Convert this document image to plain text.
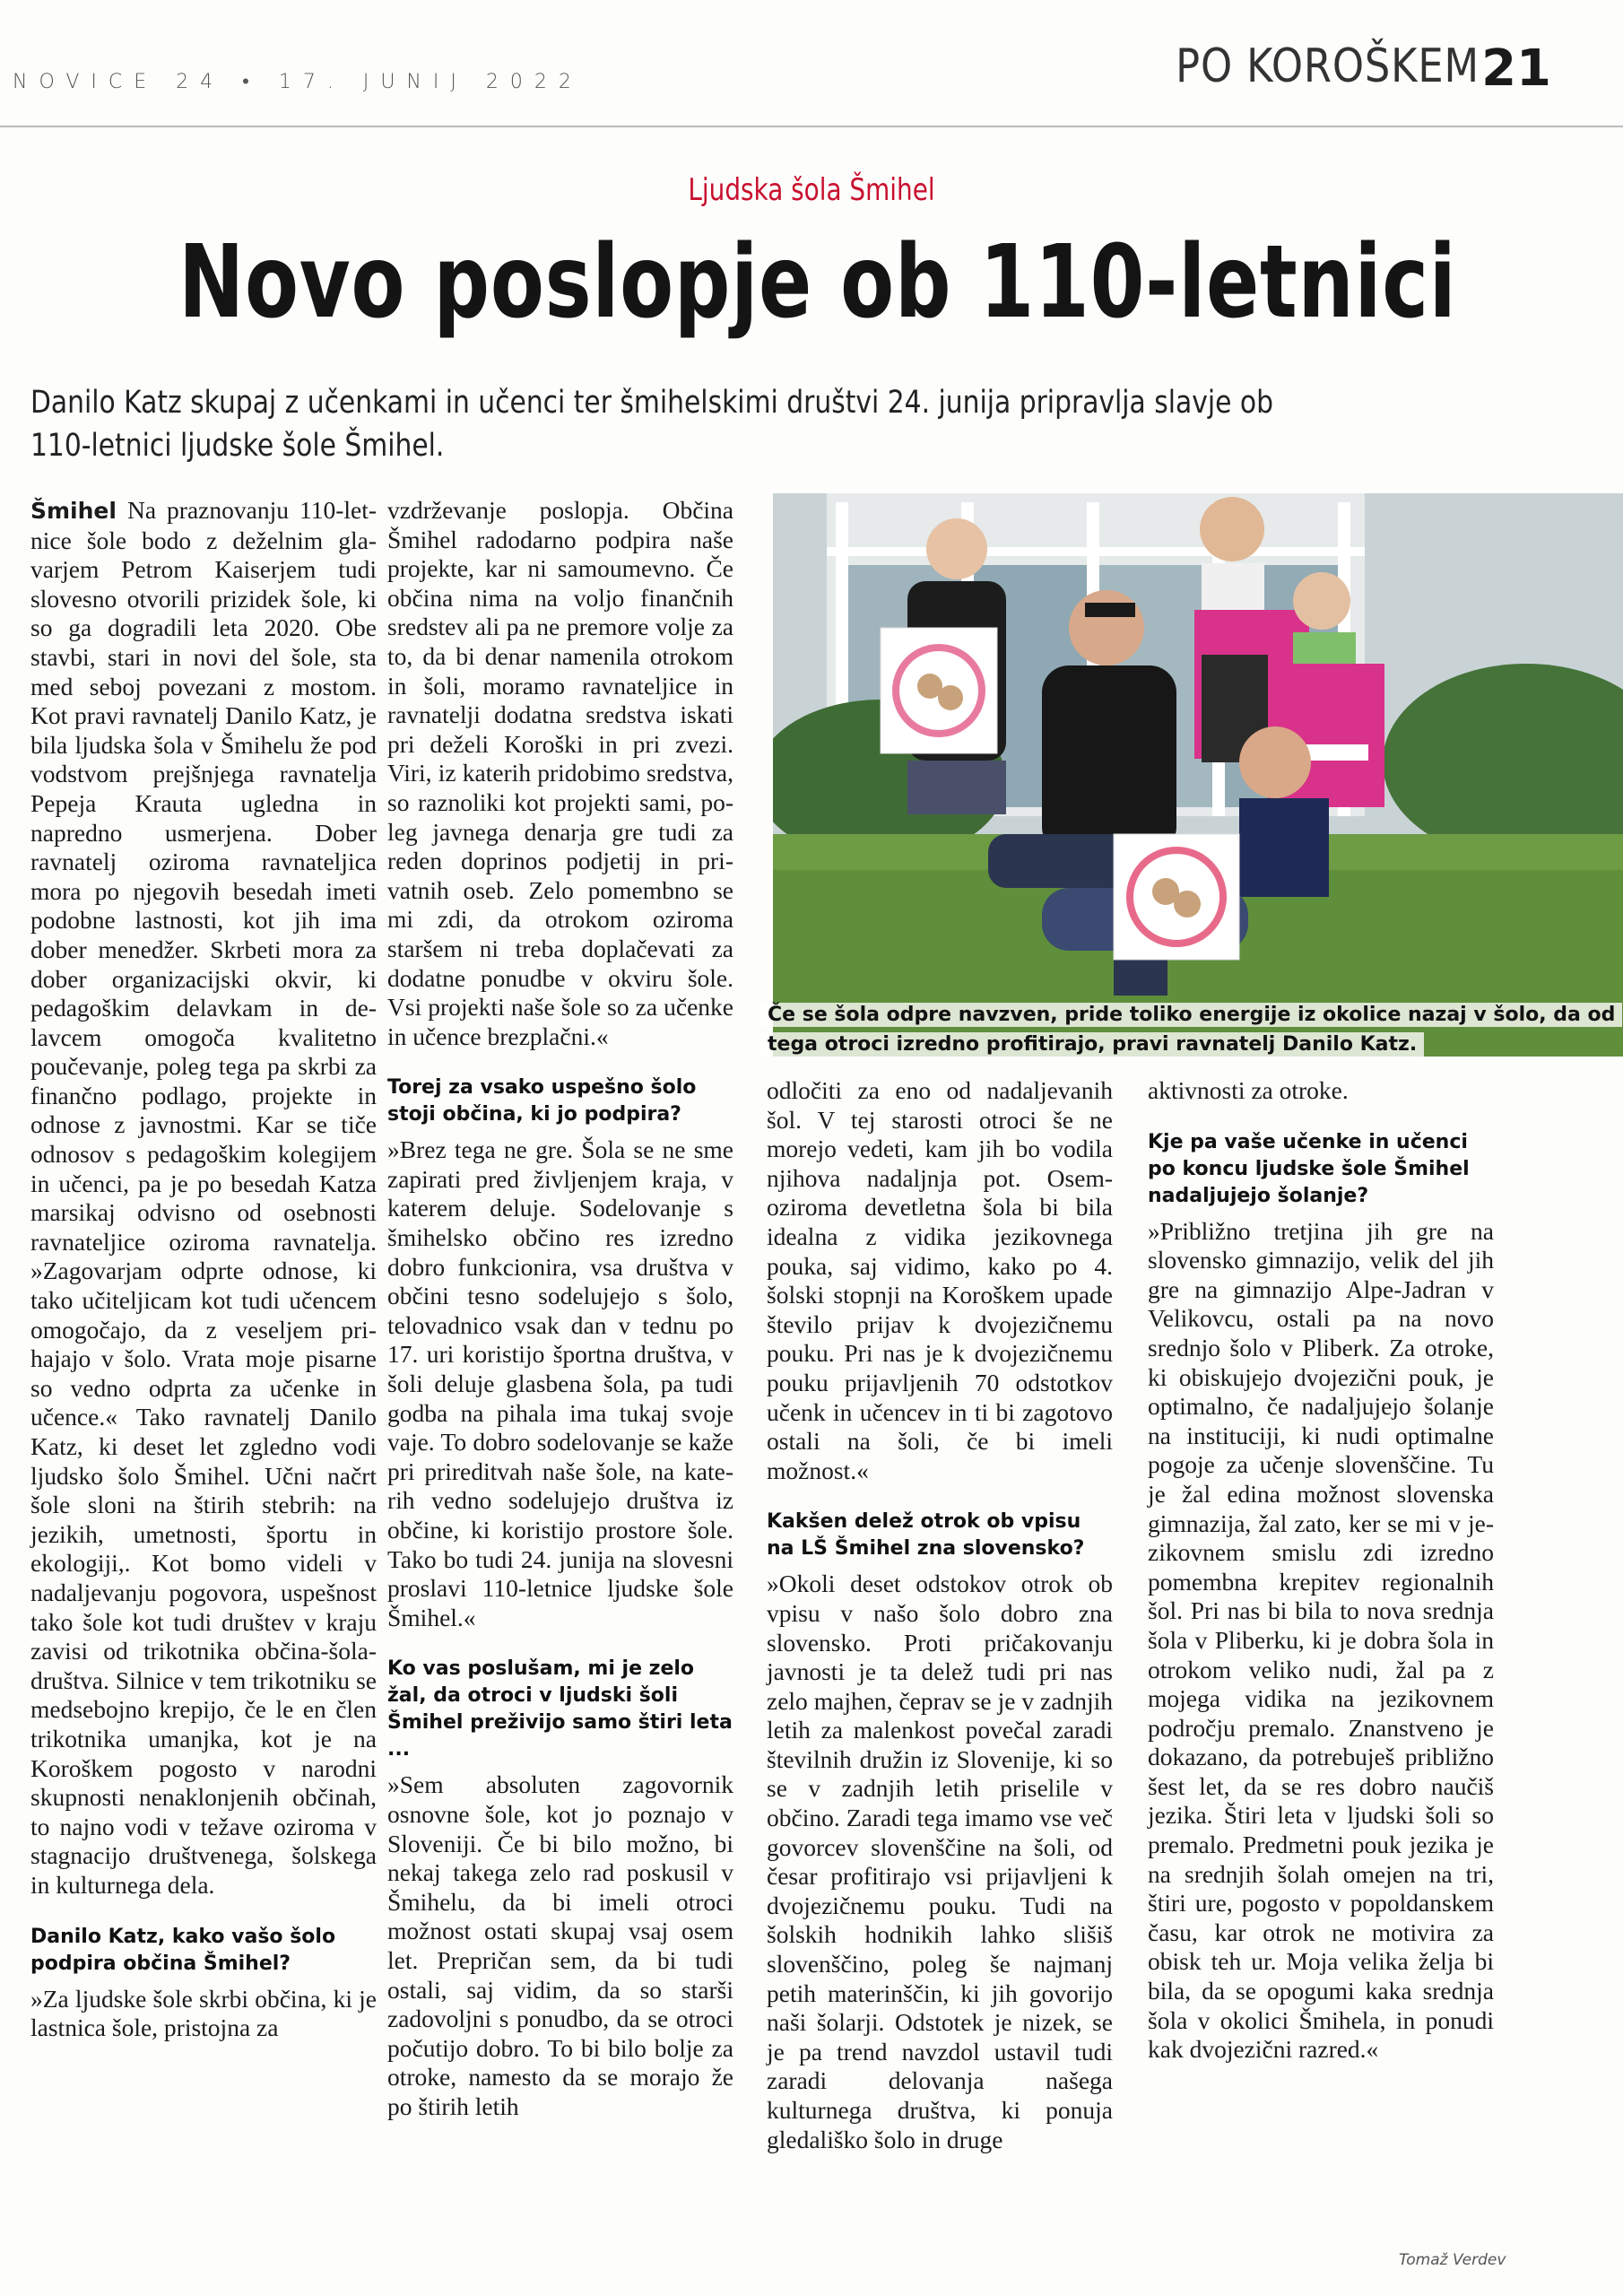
NOVICE 24 • 17. JUNIJ 2022	PO KOROŠKEM 21
Ljudska šola Šmihel
Novo poslopje ob 110-letnici
Danilo Katz skupaj z učenkami in učenci ter šmihelskimi društvi 24. junija pripravlja slavje ob 110-letnici ljudske šole Šmihel.
Če se šola odpre navzven, pride toliko energije iz okolice nazaj v šolo, da od tega otroci izredno profitirajo, pravi ravnatelj Danilo Katz.

Šmihel Na praznovanju 110-letnice šole bodo z deželnim glavarjem Petrom Kaiserjem tudi slovesno otvorili prizidek šole, ki so ga dogradili leta 2020. Obe stavbi, stari in novi del šole, sta med seboj povezani z mostom. Kot pravi ravnatelj Danilo Katz, je bila ljudska šola v Šmihelu že pod vodstvom prejšnjega ravnatelja Pepeja Krauta ugledna in napredno usmerjena. Dober ravnatelj oziroma ravnateljica mora po njegovih besedah imeti podobne lastnosti, kot jih ima dober menedžer. Skrbeti mora za dober organizacijski okvir, ki pedagoškim delavkam in delavcem omogoča kvalitetno poučevanje, poleg tega pa skrbi za finančno podlago, projekte in odnose z javnostmi. Kar se tiče odnosov s pedagoškim kolegijem in učenci, pa je po besedah Katza marsikaj odvisno od osebnosti ravnateljice oziroma ravnatelja. »Zagovarjam odprte odnose, ki tako učiteljicam kot tudi učencem omogočajo, da z veseljem prihajajo v šolo. Vrata moje pisarne so vedno odprta za učenke in učence.« Tako ravnatelj Danilo Katz, ki deset let zgledno vodi ljudsko šolo Šmihel. Učni načrt šole sloni na štirih stebrih: na jezikih, umetnosti, športu in ekologiji,. Kot bomo videli v nadaljevanju pogovora, uspešnost tako šole kot tudi društev v kraju zavisi od trikotnika občina-šola-društva. Silnice v tem trikotniku se medsebojno krepijo, če le en člen trikotnika umanjka, kot je na Koroškem pogosto v narodni skupnosti nenaklonjenih občinah, to najno vodi v težave oziroma v stagnacijo društvenega, šolskega in kulturnega dela.

Danilo Katz, kako vašo šolo podpira občina Šmihel?

»Za ljudske šole skrbi občina, ki je lastnica šole, pristojna za

vzdrževanje poslopja. Občina Šmihel radodarno podpira naše projekte, kar ni samoumevno. Če občina nima na voljo finančnih sredstev ali pa ne premore volje za to, da bi denar namenila otrokom in šoli, moramo ravnateljice in ravnatelji dodatna sredstva iskati pri deželi Koroški in pri zvezi. Viri, iz katerih pridobimo sredstva, so raznoliki kot projekti sami, poleg javnega denarja gre tudi za reden doprinos podjetij in privatnih oseb. Zelo pomembno se mi zdi, da otrokom oziroma staršem ni treba doplačevati za dodatne ponudbe v okviru šole. Vsi projekti naše šole so za učenke in učence brezplačni.«

Torej za vsako uspešno šolo stoji občina, ki jo podpira?

»Brez tega ne gre. Šola se ne sme zapirati pred življenjem kraja, v katerem deluje. Sodelovanje s šmihelsko občino res izredno dobro funkcionira, vsa društva v občini tesno sodelujejo s šolo, telovadnico vsak dan v tednu po 17. uri koristijo športna društva, v šoli deluje glasbena šola, pa tudi godba na pihala ima tukaj svoje vaje. To dobro sodelovanje se kaže pri prireditvah naše šole, na katerih vedno sodelujejo društva iz občine, ki koristijo prostore šole. Tako bo tudi 24. junija na slovesni proslavi 110-letnice ljudske šole Šmihel.«

Ko vas poslušam, mi je zelo žal, da otroci v ljudski šoli Šmihel preživijo samo štiri leta ...

»Sem absoluten zagovornik osnovne šole, kot jo poznajo v Sloveniji. Če bi bilo možno, bi nekaj takega zelo rad poskusil v Šmihelu, da bi imeli otroci možnost ostati skupaj vsaj osem let. Prepričan sem, da bi tudi ostali, saj vidim, da so starši zadovoljni s ponudbo, da se otroci počutijo dobro. To bi bilo bolje za otroke, namesto da se morajo že po štirih letih

odločiti za eno od nadaljevanih šol. V tej starosti otroci še ne morejo vedeti, kam jih bo vodila njihova nadaljnja pot. Osem- oziroma devetletna šola bi bila idealna z vidika jezikovnega pouka, saj vidimo, kako po 4. šolski stopnji na Koroškem upade število prijav k dvojezičnemu pouku. Pri nas je k dvojezičnemu pouku prijavljenih 70 odstotkov učenk in učencev in ti bi zagotovo ostali na šoli, če bi imeli možnost.«

Kakšen delež otrok ob vpisu na LŠ Šmihel zna slovensko?

»Okoli deset odstokov otrok ob vpisu v našo šolo dobro zna slovensko. Proti pričakovanju javnosti je ta delež tudi pri nas zelo majhen, čeprav se je v zadnjih letih za malenkost povečal zaradi številnih družin iz Slovenije, ki so se v zadnjih letih priselile v občino. Zaradi tega imamo vse več govorcev slovenščine na šoli, od česar profitirajo vsi prijavljeni k dvojezičnemu pouku. Tudi na šolskih hodnikih lahko slišiš slovenščino, poleg še najmanj petih materinščin, ki jih govorijo naši šolarji. Odstotek je nizek, se je pa trend navzdol ustavil tudi zaradi delovanja našega kulturnega društva, ki ponuja gledališko šolo in druge

aktivnosti za otroke.

Kje pa vaše učenke in učenci po koncu ljudske šole Šmihel nadaljujejo šolanje?

»Približno tretjina jih gre na slovensko gimnazijo, velik del jih gre na gimnazijo Alpe-Jadran v Velikovcu, ostali pa na novo srednjo šolo v Pliberk. Za otroke, ki obiskujejo dvojezični pouk, je optimalno, če nadaljujejo šolanje na instituciji, ki nudi optimalne pogoje za učenje slovenščine. Tu je žal edina možnost slovenska gimnazija, žal zato, ker se mi v jezikovnem smislu zdi izredno pomembna krepitev regionalnih šol. Pri nas bi bila to nova srednja šola v Pliberku, ki je dobra šola in otrokom veliko nudi, žal pa z mojega vidika na jezikovnem področju premalo. Znanstveno je dokazano, da potrebuješ približno šest let, da se res dobro naučiš jezika. Štiri leta v ljudski šoli so premalo. Predmetni pouk jezika je na srednjih šolah omejen na tri, štiri ure, pogosto v popoldanskem času, kar otrok ne motivira za obisk teh ur. Moja velika želja bi bila, da se opogumi kaka srednja šola v okolici Šmihela, in ponudi kak dvojezični razred.«

Tomaž Verdev
